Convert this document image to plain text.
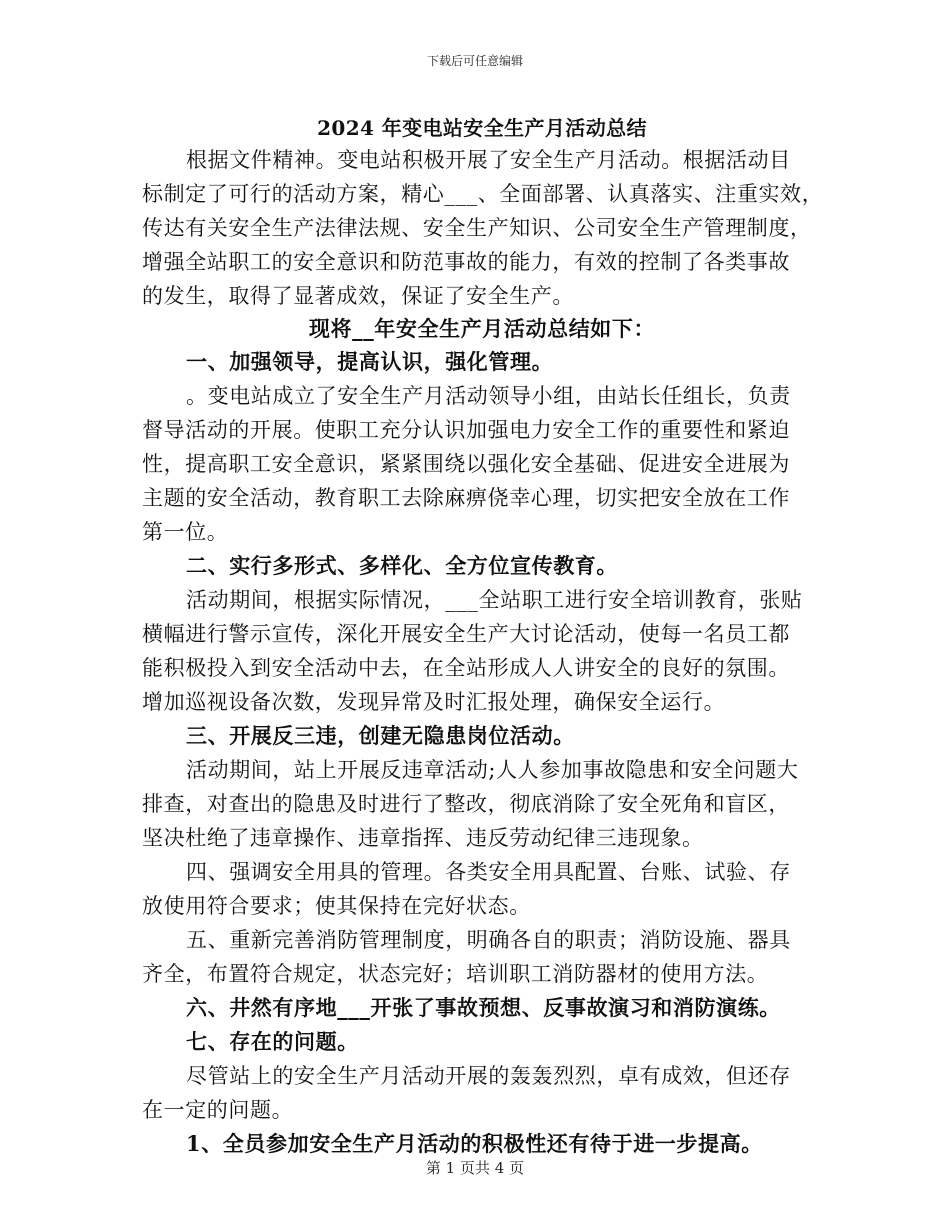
下载后可任意编辑
2024 年变电站安全生产月活动总结
根据文件精神。变电站积极开展了安全生产月活动。根据活动目
标制定了可行的活动方案，精心___、全面部署、认真落实、注重实效，
传达有关安全生产法律法规、安全生产知识、公司安全生产管理制度，
增强全站职工的安全意识和防范事故的能力，有效的控制了各类事故
的发生，取得了显著成效，保证了安全生产。
现将__年安全生产月活动总结如下：
一、加强领导，提高认识，强化管理。
。变电站成立了安全生产月活动领导小组，由站长任组长，负责
督导活动的开展。使职工充分认识加强电力安全工作的重要性和紧迫
性，提高职工安全意识，紧紧围绕以强化安全基础、促进安全进展为
主题的安全活动，教育职工去除麻痹侥幸心理，切实把安全放在工作
第一位。
二、实行多形式、多样化、全方位宣传教育。
活动期间，根据实际情况，___全站职工进行安全培训教育，张贴
横幅进行警示宣传，深化开展安全生产大讨论活动，使每一名员工都
能积极投入到安全活动中去，在全站形成人人讲安全的良好的氛围。
增加巡视设备次数，发现异常及时汇报处理，确保安全运行。
三、开展反三违，创建无隐患岗位活动。
活动期间，站上开展反违章活动;人人参加事故隐患和安全问题大
排查，对查出的隐患及时进行了整改，彻底消除了安全死角和盲区，
坚决杜绝了违章操作、违章指挥、违反劳动纪律三违现象。
四、强调安全用具的管理。各类安全用具配置、台账、试验、存
放使用符合要求；使其保持在完好状态。
五、重新完善消防管理制度，明确各自的职责；消防设施、器具
齐全，布置符合规定，状态完好；培训职工消防器材的使用方法。
六、井然有序地___开张了事故预想、反事故演习和消防演练。
七、存在的问题。
尽管站上的安全生产月活动开展的轰轰烈烈，卓有成效，但还存
在一定的问题。
1、全员参加安全生产月活动的积极性还有待于进一步提高。
第 1 页共 4 页
